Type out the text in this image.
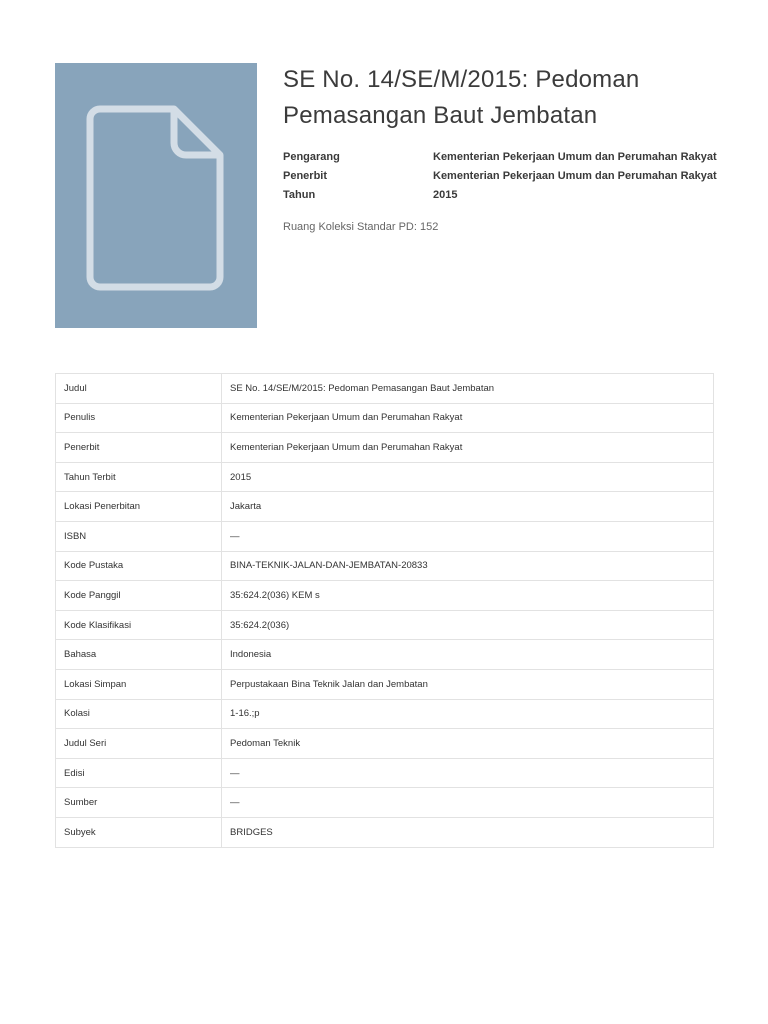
SE No. 14/SE/M/2015: Pedoman Pemasangan Baut Jembatan
Pengarang	Kementerian Pekerjaan Umum dan Perumahan Rakyat
Penerbit	Kementerian Pekerjaan Umum dan Perumahan Rakyat
Tahun	2015
Ruang Koleksi Standar PD: 152
Judul	SE No. 14/SE/M/2015: Pedoman Pemasangan Baut Jembatan
Penulis	Kementerian Pekerjaan Umum dan Perumahan Rakyat
Penerbit	Kementerian Pekerjaan Umum dan Perumahan Rakyat
Tahun Terbit	2015
Lokasi Penerbitan	Jakarta
ISBN	—
Kode Pustaka	BINA-TEKNIK-JALAN-DAN-JEMBATAN-20833
Kode Panggil	35:624.2(036) KEM s
Kode Klasifikasi	35:624.2(036)
Bahasa	Indonesia
Lokasi Simpan	Perpustakaan Bina Teknik Jalan dan Jembatan
Kolasi	1-16.;p
Judul Seri	Pedoman Teknik
Edisi	—
Sumber	—
Subyek	BRIDGES
